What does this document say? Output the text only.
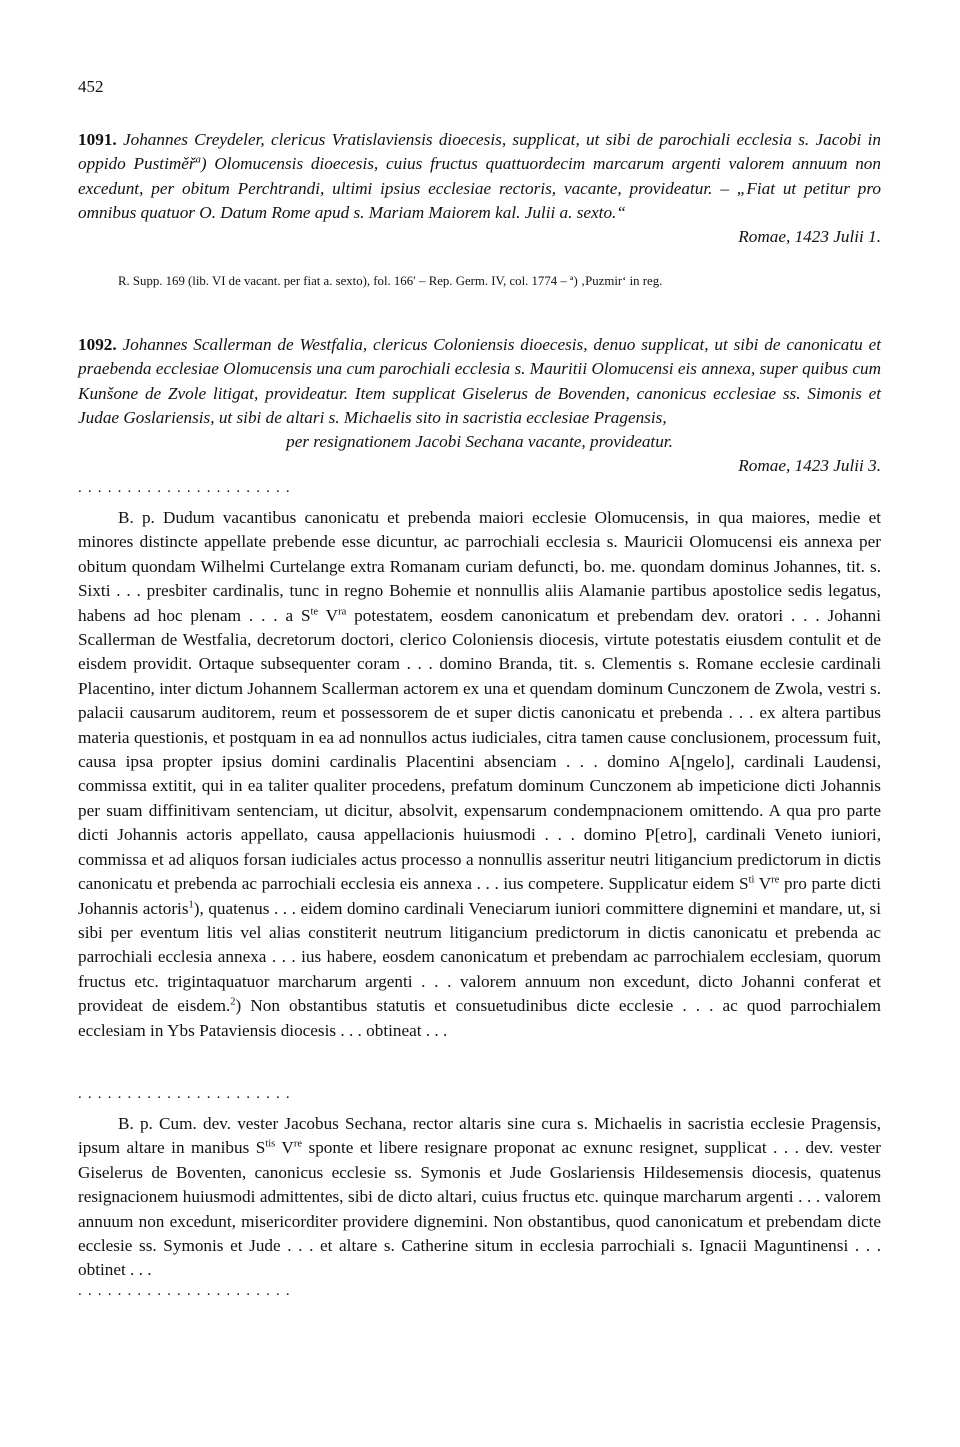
452
1091. Johannes Creydeler, clericus Vratislaviensis dioecesis, supplicat, ut sibi de parochiali ecclesia s. Jacobi in oppido Pustiměř$^a$) Olomucensis dioecesis, cuius fructus quattuordecim marcarum argenti valorem annuum non excedunt, per obitum Perchtrandi, ultimi ipsius ecclesiae rectoris, vacante, provideatur. – „Fiat ut petitur pro omnibus quatuor O. Datum Rome apud s. Mariam Maiorem kal. Julii a. sexto.“
Romae, 1423 Julii 1.
R. Supp. 169 (lib. VI de vacant. per fiat a. sexto), fol. 166′ – Rep. Germ. IV, col. 1774 – ª) ‚Puzmir‘ in reg.
1092. Johannes Scallerman de Westfalia, clericus Coloniensis dioecesis, denuo supplicat, ut sibi de canonicatu et praebenda ecclesiae Olomucensis una cum parochiali ecclesia s. Mauritii Olomucensi eis annexa, super quibus cum Kunšone de Zvole litigat, provideatur. Item supplicat Giselerus de Bovenden, canonicus ecclesiae ss. Simonis et Judae Goslariensis, ut sibi de altari s. Michaelis sito in sacristia ecclesiae Pragensis,
per resignationem Jacobi Sechana vacante, provideatur.
Romae, 1423 Julii 3.
. . . . . . . . . . . . . . . . . . . . . .

B. p. Dudum vacantibus canonicatu et prebenda maiori ecclesie Olomucensis, in qua maiores, medie et minores distincte appellate prebende esse dicuntur, ac parrochiali ecclesia s. Mauricii Olomucensi eis annexa per obitum quondam Wilhelmi Curtelange extra Romanam curiam defuncti, bo. me. quondam dominus Johannes, tit. s. Sixti . . . presbiter cardinalis, tunc in regno Bohemie et nonnullis aliis Alamanie partibus apostolice sedis legatus, habens ad hoc plenam . . . a $S^{te}$ $V^{ra}$ potestatem, eosdem canonicatum et prebendam dev. oratori . . . Johanni Scallerman de Westfalia, decretorum doctori, clerico Coloniensis diocesis, virtute potestatis eiusdem contulit et de eisdem providit. Ortaque subsequenter coram . . . domino Branda, tit. s. Clementis s. Romane ecclesie cardinali Placentino, inter dictum Johannem Scallerman actorem ex una et quendam dominum Cunczonem de Zwola, vestri s. palacii causarum auditorem, reum et possessorem de et super dictis canonicatu et prebenda . . . ex altera partibus materia questionis, et postquam in ea ad nonnullos actus iudiciales, citra tamen cause conclusionem, processum fuit, causa ipsa propter ipsius domini cardinalis Placentini absenciam . . . domino A[ngelo], cardinali Laudensi, commissa extitit, qui in ea taliter qualiter procedens, prefatum dominum Cunczonem ab impeticione dicti Johannis per suam diffinitivam sentenciam, ut dicitur, absolvit, expensarum condempnacionem omittendo. A qua pro parte dicti Johannis actoris appellato, causa appellacionis huiusmodi . . . domino P[etro], cardinali Veneto iuniori, commissa et ad aliquos forsan iudiciales actus processo a nonnullis asseritur neutri litigancium predictorum in dictis canonicatu et prebenda ac parrochiali ecclesia eis annexa . . . ius competere. Supplicatur eidem $S^{ti}$ Vre pro parte dicti Johannis actoris$^1$), quatenus . . . eidem domino cardinali Veneciarum iuniori committere dignemini et mandare, ut, si sibi per eventum litis vel alias constiterit neutrum litigancium predictorum in dictis canonicatu et prebenda ac parrochiali ecclesia annexa . . . ius habere, eosdem canonicatum et prebendam ac parrochialem ecclesiam, quorum fructus etc. trigintaquatuor marcharum argenti . . . valorem annuum non excedunt, dicto Johanni conferat et provideat de eisdem.$^2$) Non obstantibus statutis et consuetudinibus dicte ecclesie . . . ac quod parrochialem ecclesiam in Ybs Pataviensis diocesis . . . obtineat . . .

. . . . . . . . . . . . . . . . . . . . . .

B. p. Cum. dev. vester Jacobus Sechana, rector altaris sine cura s. Michaelis in sacristia ecclesie Pragensis, ipsum altare in manibus $S^{tis}$ Vre sponte et libere resignare proponat ac exnunc resignet, supplicat . . . dev. vester Giselerus de Boventen, canonicus ecclesie ss. Symonis et Jude Goslariensis Hildesemensis diocesis, quatenus resignacionem huiusmodi admittentes, sibi de dicto altari, cuius fructus etc. quinque marcharum argenti . . . valorem annuum non excedunt, misericorditer providere dignemini. Non obstantibus, quod canonicatum et prebendam dicte ecclesie ss. Symonis et Jude . . . et altare s. Catherine situm in ecclesia parrochiali s. Ignacii Maguntinensi . . . obtinet . . .

. . . . . . . . . . . . . . . . . . . . . .
